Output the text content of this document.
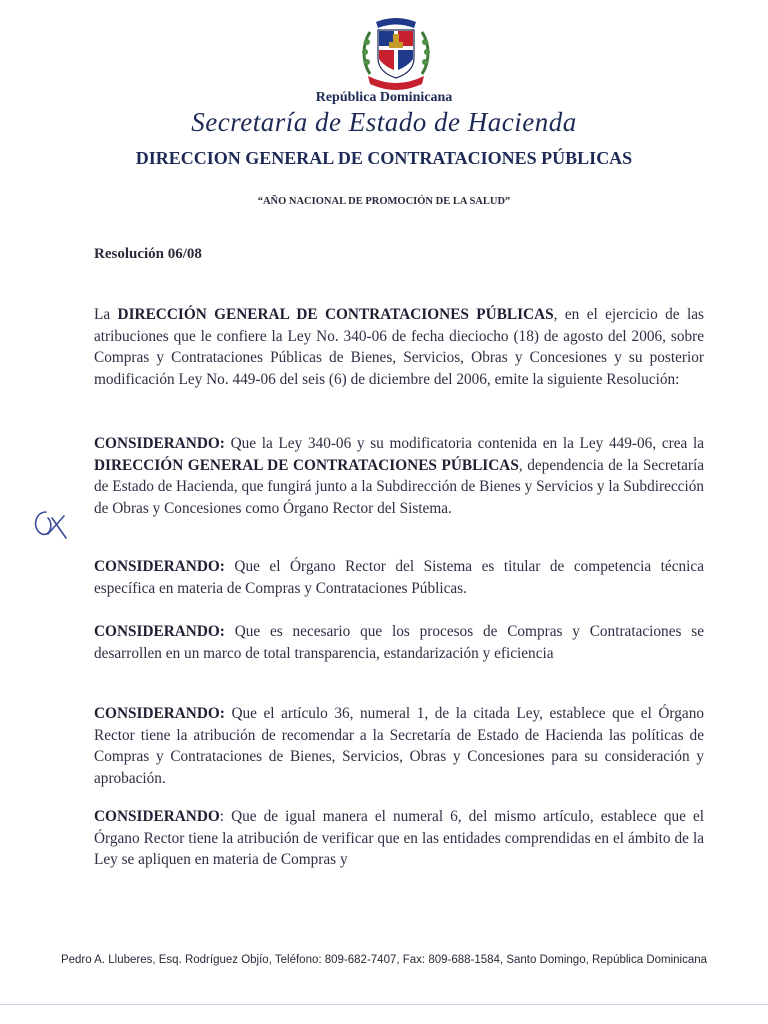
República Dominicana
Secretaría de Estado de Hacienda
DIRECCION GENERAL DE CONTRATACIONES PÚBLICAS
“AÑO NACIONAL DE PROMOCIÓN DE LA SALUD”
Resolución 06/08

La DIRECCIÓN GENERAL DE CONTRATACIONES PÚBLICAS, en el ejercicio de las atribuciones que le confiere la Ley No. 340-06 de fecha dieciocho (18) de agosto del 2006, sobre Compras y Contrataciones Públicas de Bienes, Servicios, Obras y Concesiones y su posterior modificación Ley No. 449-06 del seis (6) de diciembre del 2006, emite la siguiente Resolución:

CONSIDERANDO: Que la Ley 340-06 y su modificatoria contenida en la Ley 449-06, crea la DIRECCIÓN GENERAL DE CONTRATACIONES PÚBLICAS, dependencia de la Secretaría de Estado de Hacienda, que fungirá junto a la Subdirección de Bienes y Servicios y la Subdirección de Obras y Concesiones como Órgano Rector del Sistema.

CONSIDERANDO: Que el Órgano Rector del Sistema es titular de competencia técnica específica en materia de Compras y Contrataciones Públicas.

CONSIDERANDO: Que es necesario que los procesos de Compras y Contrataciones se desarrollen en un marco de total transparencia, estandarización y eficiencia

CONSIDERANDO: Que el artículo 36, numeral 1, de la citada Ley, establece que el Órgano Rector tiene la atribución de recomendar a la Secretaría de Estado de Hacienda las políticas de Compras y Contrataciones de Bienes, Servicios, Obras y Concesiones para su consideración y aprobación.

CONSIDERANDO: Que de igual manera el numeral 6, del mismo artículo, establece que el Órgano Rector tiene la atribución de verificar que en las entidades comprendidas en el ámbito de la Ley se apliquen en materia de Compras y

Pedro A. Lluberes, Esq. Rodríguez Objío, Teléfono: 809-682-7407, Fax: 809-688-1584, Santo Domingo, República Dominicana
